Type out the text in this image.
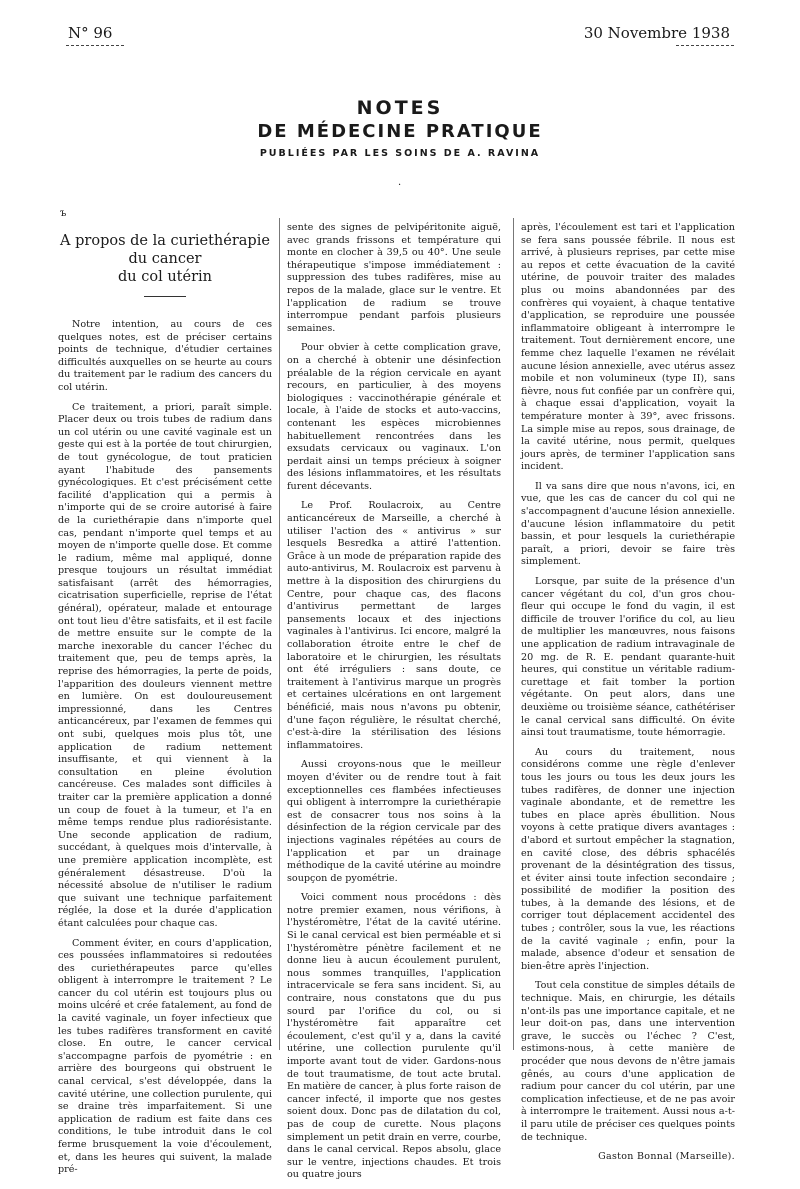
N° 96	30 Novembre 1938
NOTES
DE MÉDECINE PRATIQUE
PUBLIÉES PAR LES SOINS DE A. RAVINA
·
ъ
A propos de la curiethérapie du cancer
du col utérin

Notre intention, au cours de ces quelques notes, est de préciser certains points de technique, d'étudier certaines difficultés auxquelles on se heurte au cours du traitement par le radium des cancers du col utérin.

Ce traitement, a priori, paraît simple. Placer deux ou trois tubes de radium dans un col utérin ou une cavité vaginale est un geste qui est à la portée de tout chirurgien, de tout gynécologue, de tout praticien ayant l'habitude des pansements gynécologiques. Et c'est précisément cette facilité d'application qui a permis à n'importe qui de se croire autorisé à faire de la curiethérapie dans n'importe quel cas, pendant n'importe quel temps et au moyen de n'importe quelle dose. Et comme le radium, même mal appliqué, donne presque toujours un résultat immédiat satisfaisant (arrêt des hémorragies, cicatrisation superficielle, reprise de l'état général), opérateur, malade et entourage ont tout lieu d'être satisfaits, et il est facile de mettre ensuite sur le compte de la marche inexorable du cancer l'échec du traitement que, peu de temps après, la reprise des hémorragies, la perte de poids, l'apparition des douleurs viennent mettre en lumière. On est douloureusement impressionné, dans les Centres anticancéreux, par l'examen de femmes qui ont subi, quelques mois plus tôt, une application de radium nettement insuffisante, et qui viennent à la consultation en pleine évolution cancéreuse. Ces malades sont difficiles à traiter car la première application a donné un coup de fouet à la tumeur, et l'a en même temps rendue plus radiorésistante. Une seconde application de radium, succédant, à quelques mois d'intervalle, à une première application incomplète, est généralement désastreuse. D'où la nécessité absolue de n'utiliser le radium que suivant une technique parfaitement réglée, la dose et la durée d'application étant calculées pour chaque cas.

Comment éviter, en cours d'application, ces poussées inflammatoires si redoutées des curiethérapeutes parce qu'elles obligent à interrompre le traitement ? Le cancer du col utérin est toujours plus ou moins ulcéré et crée fatalement, au fond de la cavité vaginale, un foyer infectieux que les tubes radifères transforment en cavité close. En outre, le cancer cervical s'accompagne parfois de pyométrie : en arrière des bourgeons qui obstruent le canal cervical, s'est développée, dans la cavité utérine, une collection purulente, qui se draine très imparfaitement. Si une application de radium est faite dans ces conditions, le tube introduit dans le col ferme brusquement la voie d'écoulement, et, dans les heures qui suivent, la malade pré-

sente des signes de pelvipéritonite aiguë, avec grands frissons et température qui monte en clocher à 39,5 ou 40°. Une seule thérapeutique s'impose immédiatement : suppression des tubes radifères, mise au repos de la malade, glace sur le ventre. Et l'application de radium se trouve interrompue pendant parfois plusieurs semaines.

Pour obvier à cette complication grave, on a cherché à obtenir une désinfection préalable de la région cervicale en ayant recours, en particulier, à des moyens biologiques : vaccinothérapie générale et locale, à l'aide de stocks et auto-vaccins, contenant les espèces microbiennes habituellement rencontrées dans les exsudats cervicaux ou vaginaux. L'on perdait ainsi un temps précieux à soigner des lésions inflammatoires, et les résultats furent décevants.

Le Prof. Roulacroix, au Centre anticancéreux de Marseille, a cherché à utiliser l'action des « antivirus » sur lesquels Besredka a attiré l'attention. Grâce à un mode de préparation rapide des auto-antivirus, M. Roulacroix est parvenu à mettre à la disposition des chirurgiens du Centre, pour chaque cas, des flacons d'antivirus permettant de larges pansements locaux et des injections vaginales à l'antivirus. Ici encore, malgré la collaboration étroite entre le chef de laboratoire et le chirurgien, les résultats ont été irréguliers : sans doute, ce traitement à l'antivirus marque un progrès et certaines ulcérations en ont largement bénéficié, mais nous n'avons pu obtenir, d'une façon régulière, le résultat cherché, c'est-à-dire la stérilisation des lésions inflammatoires.

Aussi croyons-nous que le meilleur moyen d'éviter ou de rendre tout à fait exceptionnelles ces flambées infectieuses qui obligent à interrompre la curiethérapie est de consacrer tous nos soins à la désinfection de la région cervicale par des injections vaginales répétées au cours de l'application et par un drainage méthodique de la cavité utérine au moindre soupçon de pyométrie.

Voici comment nous procédons : dès notre premier examen, nous vérifions, à l'hystéromètre, l'état de la cavité utérine. Si le canal cervical est bien perméable et si l'hystéromètre pénètre facilement et ne donne lieu à aucun écoulement purulent, nous sommes tranquilles, l'application intracervicale se fera sans incident. Si, au contraire, nous constatons que du pus sourd par l'orifice du col, ou si l'hystéromètre fait apparaître cet écoulement, c'est qu'il y a, dans la cavité utérine, une collection purulente qu'il importe avant tout de vider. Gardons-nous de tout traumatisme, de tout acte brutal. En matière de cancer, à plus forte raison de cancer infecté, il importe que nos gestes soient doux. Donc pas de dilatation du col, pas de coup de curette. Nous plaçons simplement un petit drain en verre, courbe, dans le canal cervical. Repos absolu, glace sur le ventre, injections chaudes. Et trois ou quatre jours

après, l'écoulement est tari et l'application se fera sans poussée fébrile. Il nous est arrivé, à plusieurs reprises, par cette mise au repos et cette évacuation de la cavité utérine, de pouvoir traiter des malades plus ou moins abandonnées par des confrères qui voyaient, à chaque tentative d'application, se reproduire une poussée inflammatoire obligeant à interrompre le traitement. Tout dernièrement encore, une femme chez laquelle l'examen ne révélait aucune lésion annexielle, avec utérus assez mobile et non volumineux (type II), sans fièvre, nous fut confiée par un confrère qui, à chaque essai d'application, voyait la température monter à 39°, avec frissons. La simple mise au repos, sous drainage, de la cavité utérine, nous permit, quelques jours après, de terminer l'application sans incident.

Il va sans dire que nous n'avons, ici, en vue, que les cas de cancer du col qui ne s'accompagnent d'aucune lésion annexielle. d'aucune lésion inflammatoire du petit bassin, et pour lesquels la curiethérapie paraît, a priori, devoir se faire très simplement.

Lorsque, par suite de la présence d'un cancer végétant du col, d'un gros chou-fleur qui occupe le fond du vagin, il est difficile de trouver l'orifice du col, au lieu de multiplier les manœuvres, nous faisons une application de radium intravaginale de 20 mg. de R. E. pendant quarante-huit heures, qui constitue un véritable radium-curettage et fait tomber la portion végétante. On peut alors, dans une deuxième ou troisième séance, cathétériser le canal cervical sans difficulté. On évite ainsi tout traumatisme, toute hémorragie.

Au cours du traitement, nous considérons comme une règle d'enlever tous les jours ou tous les deux jours les tubes radifères, de donner une injection vaginale abondante, et de remettre les tubes en place après ébullition. Nous voyons à cette pratique divers avantages : d'abord et surtout empêcher la stagnation, en cavité close, des débris sphacélés provenant de la désintégration des tissus, et éviter ainsi toute infection secondaire ; possibilité de modifier la position des tubes, à la demande des lésions, et de corriger tout déplacement accidentel des tubes ; contrôler, sous la vue, les réactions de la cavité vaginale ; enfin, pour la malade, absence d'odeur et sensation de bien-être après l'injection.

Tout cela constitue de simples détails de technique. Mais, en chirurgie, les détails n'ont-ils pas une importance capitale, et ne leur doit-on pas, dans une intervention grave, le succès ou l'échec ? C'est, estimons-nous, à cette manière de procéder que nous devons de n'être jamais gênés, au cours d'une application de radium pour cancer du col utérin, par une complication infectieuse, et de ne pas avoir à interrompre le traitement. Aussi nous a-t-il paru utile de préciser ces quelques points de technique.

Gaston Bonnal (Marseille).
